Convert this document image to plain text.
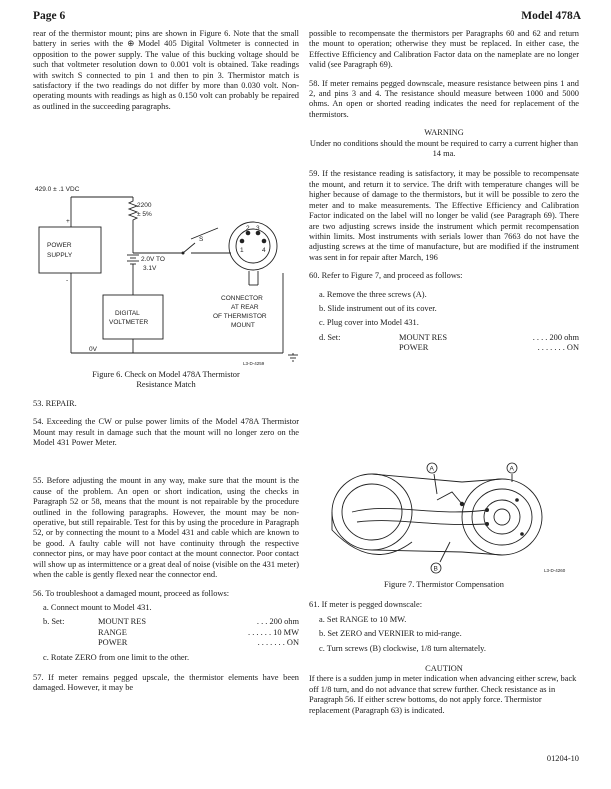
Page 6	Model 478A

rear of the thermistor mount; pins are shown in Figure 6. Note that the small battery in series with the ⊕ Model 405 Digital Voltmeter is connected in opposition to the power supply. The value of this bucking voltage should be such that voltmeter resolution down to 0.001 volt is obtained. Take readings with switch S connected to pin 1 and then to pin 3. Thermistor match is satisfactory if the two readings do not differ by more than 0.030 volt. Non-operating mounts with readings as high as 0.150 volt can probably be repaired as outlined in the succeeding paragraphs.

429.0 ± .1 VDC
2200
± 5%
+
-
POWER
SUPPLY
2.0V TO
3.1V
DIGITAL
VOLTMETER
S
1
2 3
4
CONNECTOR
AT REAR
OF THERMISTOR
MOUNT
0V
L3-D-4259
Figure 6. Check on Model 478A Thermistor
Resistance Match

53. REPAIR.

54. Exceeding the CW or pulse power limits of the Model 478A Thermistor Mount may result in damage such that the mount will no longer zero on the Model 431 Power Meter.

55. Before adjusting the mount in any way, make sure that the mount is the cause of the problem. An open or short indication, using the checks in Paragraph 52 or 58, means that the mount is not repairable by the procedure outlined in the following paragraphs. However, the mount may be non-operative, but still repairable. Test for this by using the procedure in Paragraph 52, or by connecting the mount to a Model 431 and cable which are known to be good. A faulty cable will not have continuity through the respective connector pins, or may have poor contact at the mount connector. Poor contact will show up as intermittence or a great deal of noise (visible on the 431 meter) when the cable is gently flexed near the connector end.

56. To troubleshoot a damaged mount, proceed as follows:

a. Connect mount to Model 431.
b. Set:	MOUNT RES	. . . 200 ohm
RANGE	. . . . . . 10 MW
POWER	. . . . . . . ON
c. Rotate ZERO from one limit to the other.

57. If meter remains pegged upscale, the thermistor elements have been damaged. However, it may be

possible to recompensate the thermistors per Paragraphs 60 and 62 and return the mount to operation; otherwise they must be replaced. In either case, the Effective Efficiency and Calibration Factor data on the nameplate are no longer valid (see Paragraph 69).

58. If meter remains pegged downscale, measure resistance between pins 1 and 2, and pins 3 and 4. The resistance should measure between 1000 and 5000 ohms. An open or shorted reading indicates the need for replacement of the thermistors.

WARNING

Under no conditions should the mount be required to carry a current higher than 14 ma.

59. If the resistance reading is satisfactory, it may be possible to recompensate the mount, and return it to service. The drift with temperature changes will be higher because of damage to the thermistors, but it will be possible to zero the meter and to make measurements. The Effective Efficiency and Calibration Factor indicated on the label will no longer be valid (see Paragraph 69). There are two adjusting screws inside the instrument which permit recompensation within limits. Most instruments with serials lower than 7663 do not have the adjusting screws at the time of manufacture, but are modified if the instrument was sent in for repair after March, 196

60. Refer to Figure 7, and proceed as follows:

a. Remove the three screws (A).
b. Slide instrument out of its cover.
c. Plug cover into Model 431.
d. Set:	MOUNT RES	. . . . 200 ohm
POWER	. . . . . . . ON
A	A
B	L3-D-4260
Figure 7. Thermistor Compensation

61. If meter is pegged downscale:

a. Set RANGE to 10 MW.
b. Set ZERO and VERNIER to mid-range.
c. Turn screws (B) clockwise, 1/8 turn alternately.
CAUTION

If there is a sudden jump in meter indication when advancing either screw, back off 1/8 turn, and do not advance that screw further. Check resistance as in Paragraph 56. If either screw bottoms, do not apply force. Thermistor replacement (Paragraph 63) is indicated.

01204-10
